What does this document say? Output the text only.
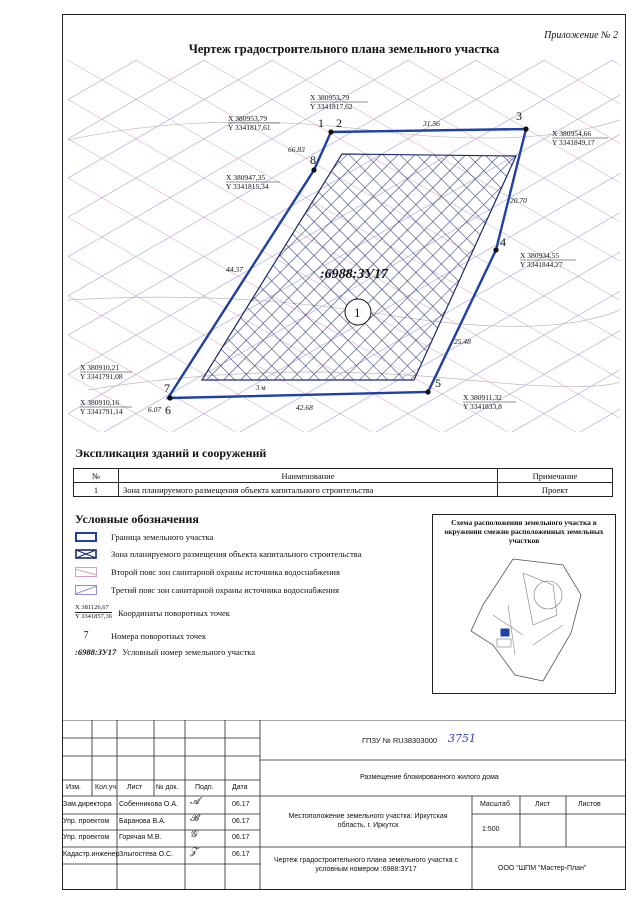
Приложение № 2
Чертеж градостроительного плана земельного участка
1 2	3
4
5
6
7
8
X 380953,79
Y 3341817,61
X 380953,79
Y 3341817,62
X 380954,66
Y 3341849,17
X 380934,55
Y 3341844,27
X 380911,32
Y 3341833,8
X 380910,16
Y 3341791,14
X 380910,21
Y 3341791,08
X 380947,35
Y 3341815,34
31.56
66.83
20.70
44.37
25.48
42.68
6.07
:6988:ЗУ17
1
3 м
Экспликация зданий и сооружений
№	Наименование	Примечание
1	Зона планируемого размещения объекта капитального строительства	Проект
Условные обозначения
Граница земельного участка
Зона планируемого размещения объекта капитального строительства
Второй пояс зон санитарной охраны источника водоснабжения
Третий пояс зон санитарной охраны источника водоснабжения
X 381126,67
Y 3341857,36 Координаты поворотных точек
7	Номера поворотных точек
:6988:ЗУ17 Условный номер земельного участка
Схема расположения земельного участка в окружении смежно расположенных земельных участков
Изм. Кол.уч. Лист № док. Подп.	Дата
Зам.директора Собенникова О.А.	06.17
Упр. проектом Баранова В.А.	06.17
Упр. проектом Горячая М.В.	06.17
Кадастр.инженер Злыгостева О.С.	06.17
𝓐
𝓑
𝓖
𝓩
ГПЗУ № RU38303000 3751
Размещение блокированного жилого дома
Местоположение земельного участка: Иркутская область, г. Иркутск
Масштаб	Лист	Листов
1:500
Чертеж градостроительного плана земельного участка с условным номером :6988:ЗУ17	ООО "ШПМ "Мастер-План"
